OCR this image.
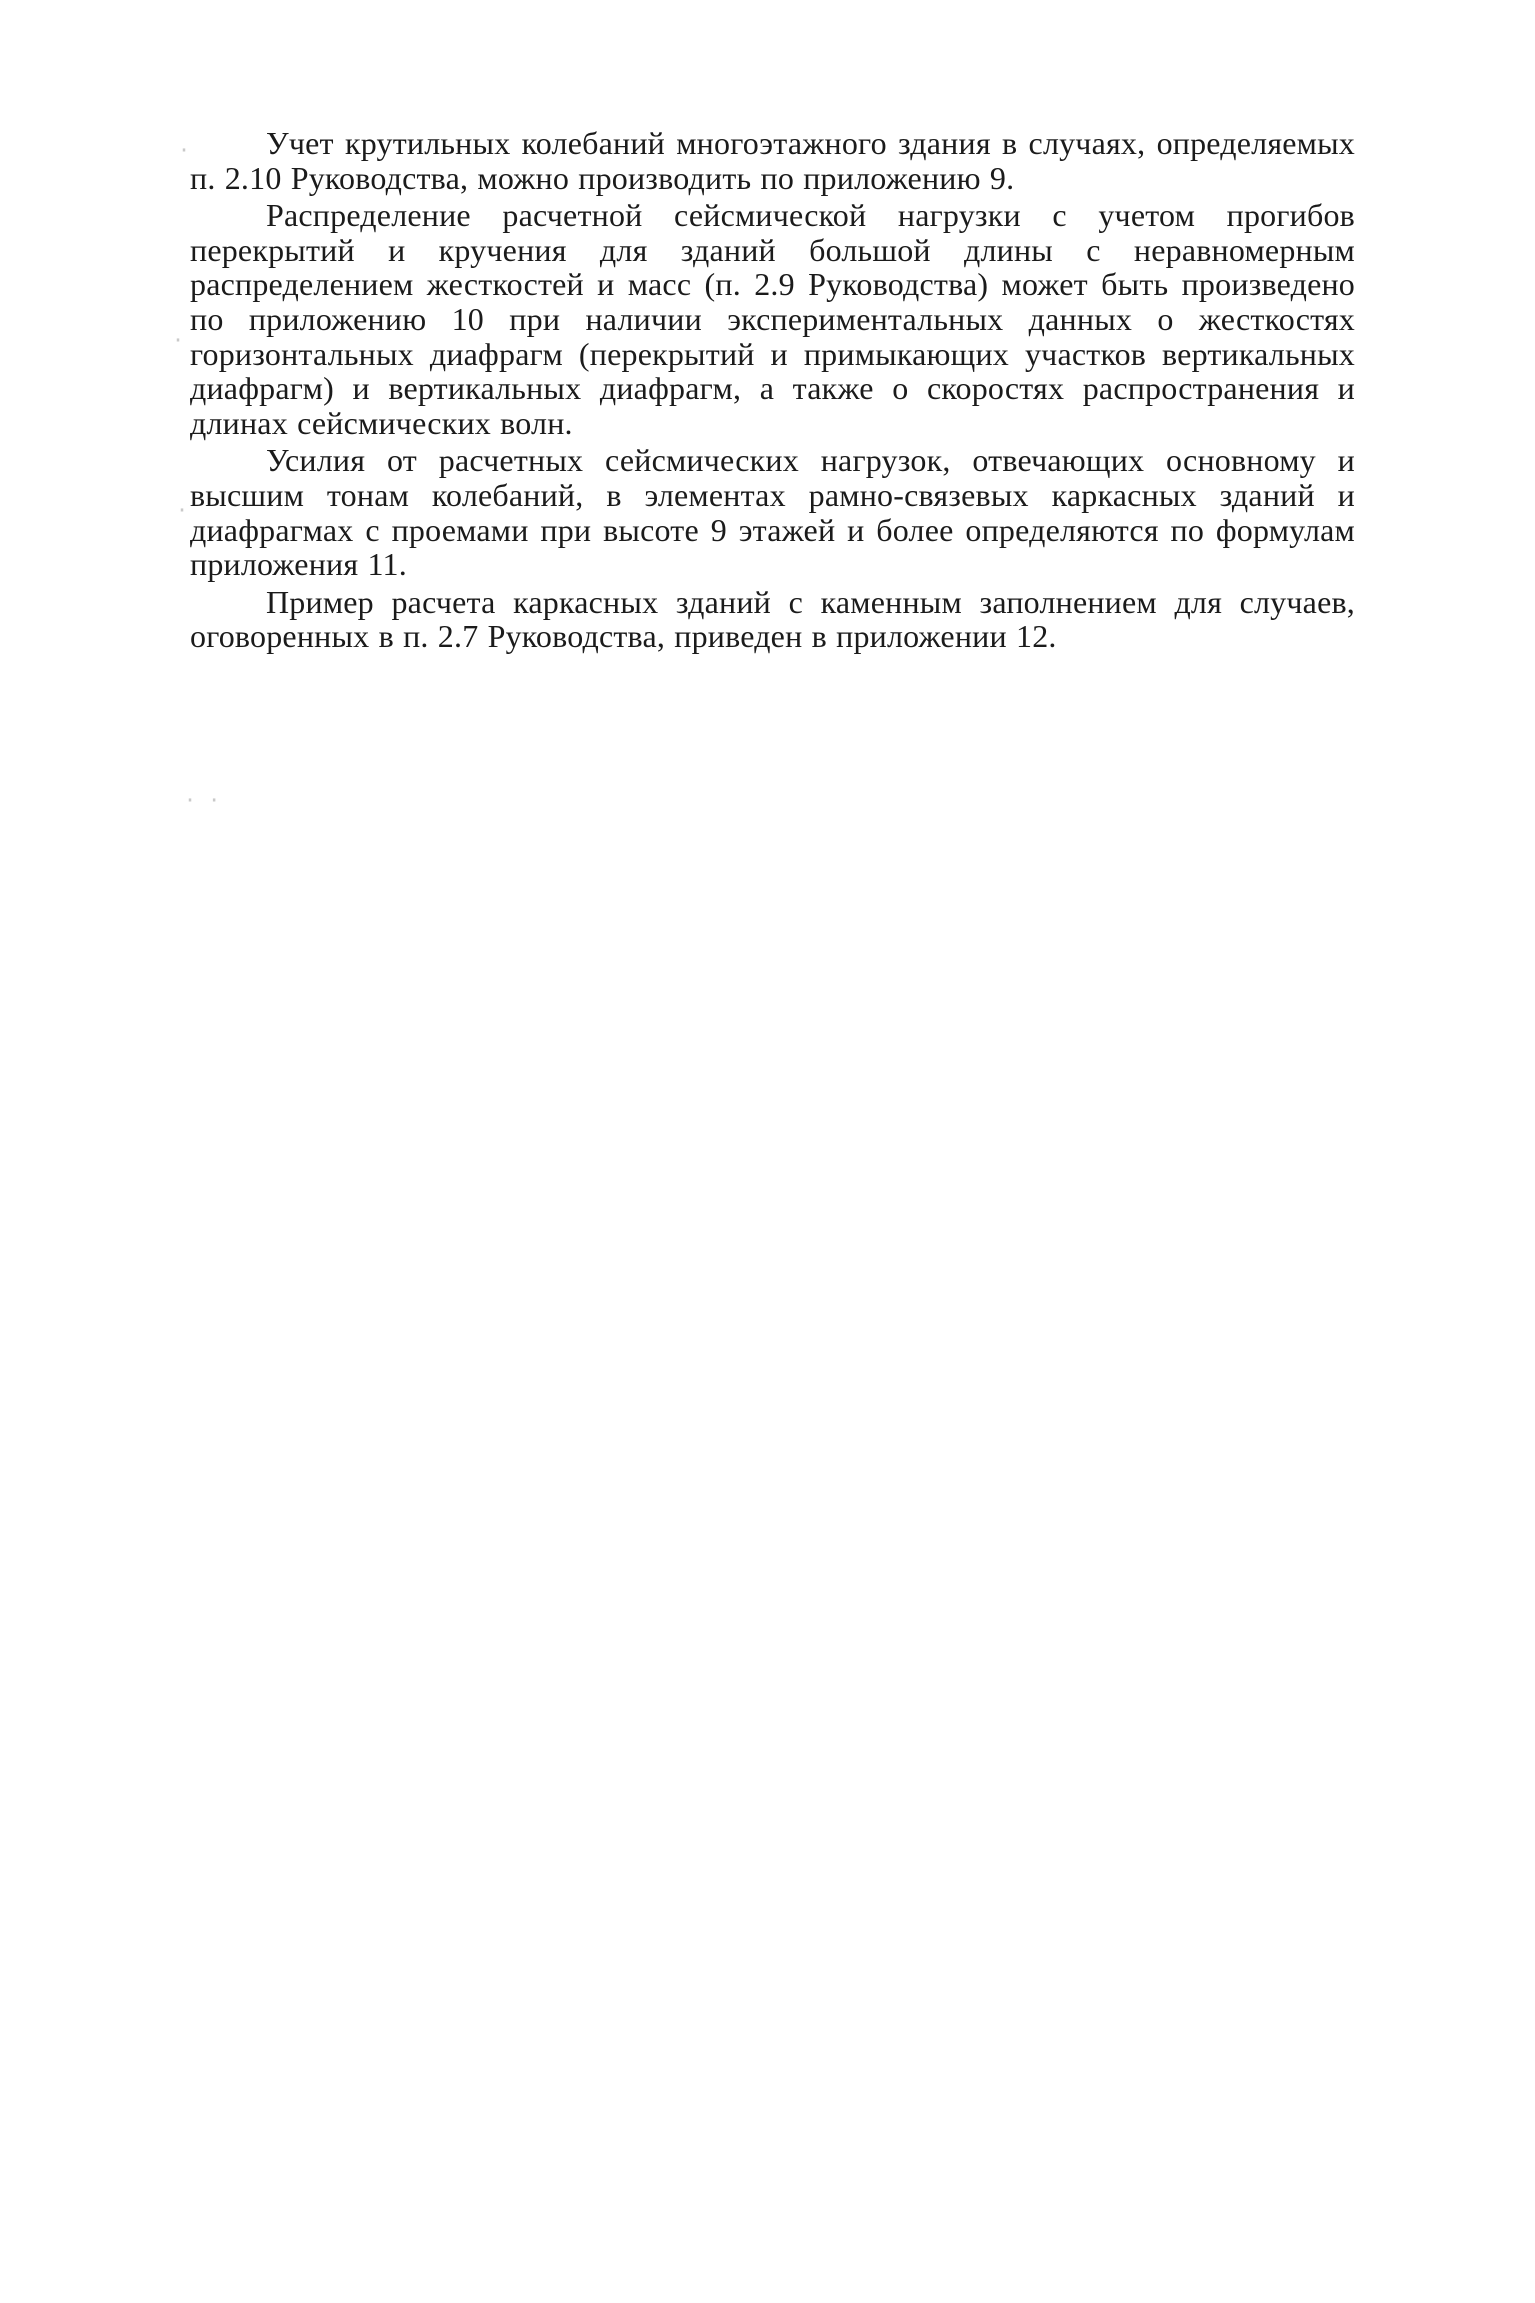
·
·
·
· ·

Учет крутильных колебаний многоэтажного здания в случаях, определяемых п. 2.10 Руководства, можно производить по приложению 9.

Распределение расчетной сейсмической нагрузки с учетом прогибов перекрытий и кручения для зданий большой длины с неравномерным распределением жесткостей и масс (п. 2.9 Руководства) может быть произведено по приложению 10 при наличии экспериментальных данных о жесткостях горизонтальных диафрагм (перекрытий и примыкающих участков вертикальных диафрагм) и вертикальных диафрагм, а также о скоростях распространения и длинах сейсмических волн.

Усилия от расчетных сейсмических нагрузок, отвечающих основному и высшим тонам колебаний, в элементах рамно-связевых каркасных зданий и диафрагмах с проемами при высоте 9 этажей и более определяются по формулам приложения 11.

Пример расчета каркасных зданий с каменным заполнением для случаев, оговоренных в п. 2.7 Руководства, приведен в приложении 12.
